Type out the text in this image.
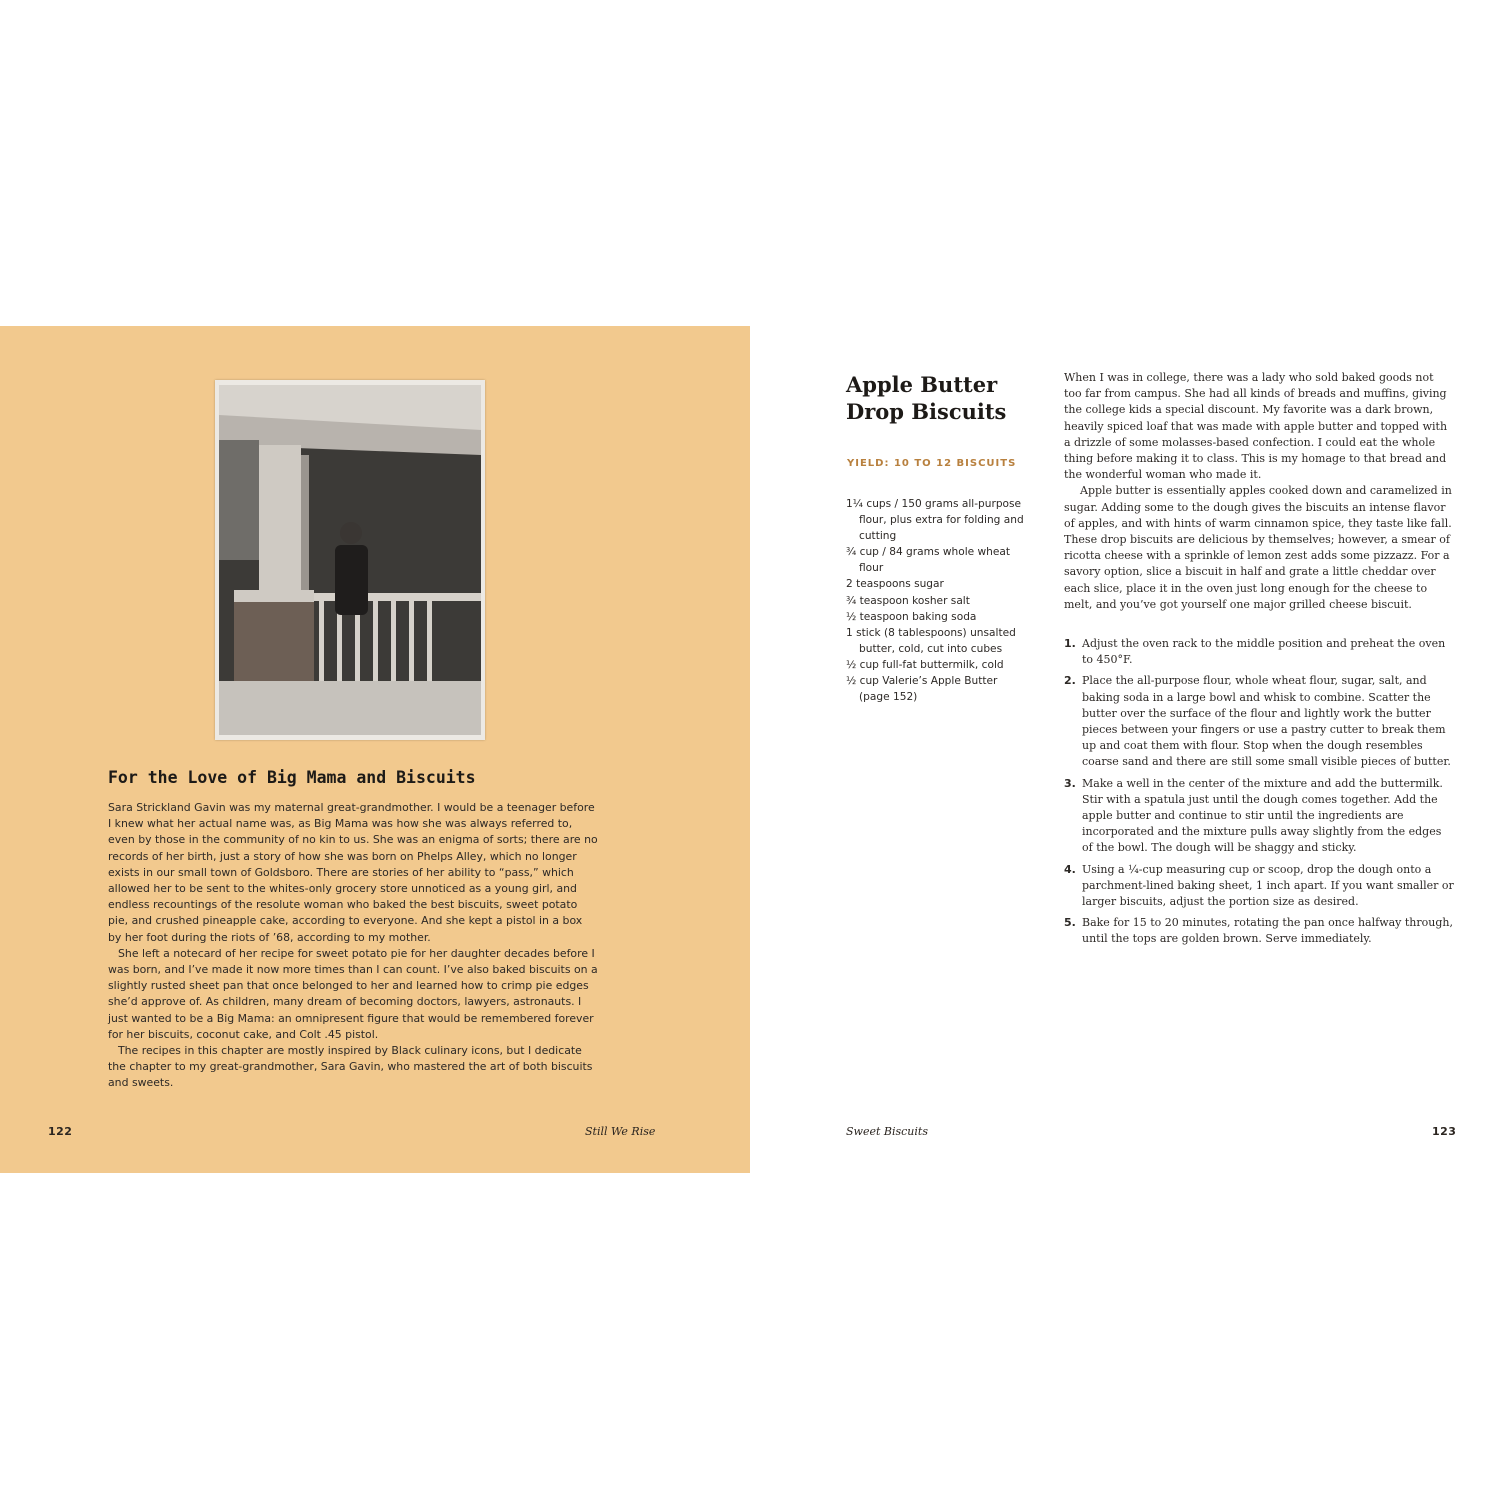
For the Love of Big Mama and Biscuits

Sara Strickland Gavin was my maternal great-grandmother. I would be a teenager before I knew what her actual name was, as Big Mama was how she was always referred to, even by those in the community of no kin to us. She was an enigma of sorts; there are no records of her birth, just a story of how she was born on Phelps Alley, which no longer exists in our small town of Goldsboro. There are stories of her ability to “pass,” which allowed her to be sent to the whites-only grocery store unnoticed as a young girl, and endless recountings of the resolute woman who baked the best biscuits, sweet potato pie, and crushed pineapple cake, according to everyone. And she kept a pistol in a box by her foot during the riots of ’68, according to my mother.

She left a notecard of her recipe for sweet potato pie for her daughter decades before I was born, and I’ve made it now more times than I can count. I’ve also baked biscuits on a slightly rusted sheet pan that once belonged to her and learned how to crimp pie edges she’d approve of. As children, many dream of becoming doctors, lawyers, astronauts. I just wanted to be a Big Mama: an omnipresent figure that would be remembered forever for her biscuits, coconut cake, and Colt .45 pistol.

The recipes in this chapter are mostly inspired by Black culinary icons, but I dedicate the chapter to my great-grandmother, Sara Gavin, who mastered the art of both biscuits and sweets.

122	Still We Rise

Apple Butter Drop Biscuits

YIELD: 10 TO 12 BISCUITS

1¼ cups / 150 grams all-purpose flour, plus extra for folding and cutting
¾ cup / 84 grams whole wheat flour
2 teaspoons sugar
¾ teaspoon kosher salt
½ teaspoon baking soda
1 stick (8 tablespoons) unsalted butter, cold, cut into cubes
½ cup full-fat buttermilk, cold
½ cup Valerie’s Apple Butter (page 152)

When I was in college, there was a lady who sold baked goods not too far from campus. She had all kinds of breads and muffins, giving the college kids a special discount. My favorite was a dark brown, heavily spiced loaf that was made with apple butter and topped with a drizzle of some molasses-based confection. I could eat the whole thing before making it to class. This is my homage to that bread and the wonderful woman who made it.

Apple butter is essentially apples cooked down and caramelized in sugar. Adding some to the dough gives the biscuits an intense flavor of apples, and with hints of warm cinnamon spice, they taste like fall. These drop biscuits are delicious by themselves; however, a smear of ricotta cheese with a sprinkle of lemon zest adds some pizzazz. For a savory option, slice a biscuit in half and grate a little cheddar over each slice, place it in the oven just long enough for the cheese to melt, and you’ve got yourself one major grilled cheese biscuit.

1. Adjust the oven rack to the middle position and preheat the oven to 450°F.
2. Place the all-purpose flour, whole wheat flour, sugar, salt, and baking soda in a large bowl and whisk to combine. Scatter the butter over the surface of the flour and lightly work the butter pieces between your fingers or use a pastry cutter to break them up and coat them with flour. Stop when the dough resembles coarse sand and there are still some small visible pieces of butter.
3. Make a well in the center of the mixture and add the buttermilk. Stir with a spatula just until the dough comes together. Add the apple butter and continue to stir until the ingredients are incorporated and the mixture pulls away slightly from the edges of the bowl. The dough will be shaggy and sticky.
4. Using a ¼-cup measuring cup or scoop, drop the dough onto a parchment-lined baking sheet, 1 inch apart. If you want smaller or larger biscuits, adjust the portion size as desired.
5. Bake for 15 to 20 minutes, rotating the pan once halfway through, until the tops are golden brown. Serve immediately.

Sweet Biscuits	123
